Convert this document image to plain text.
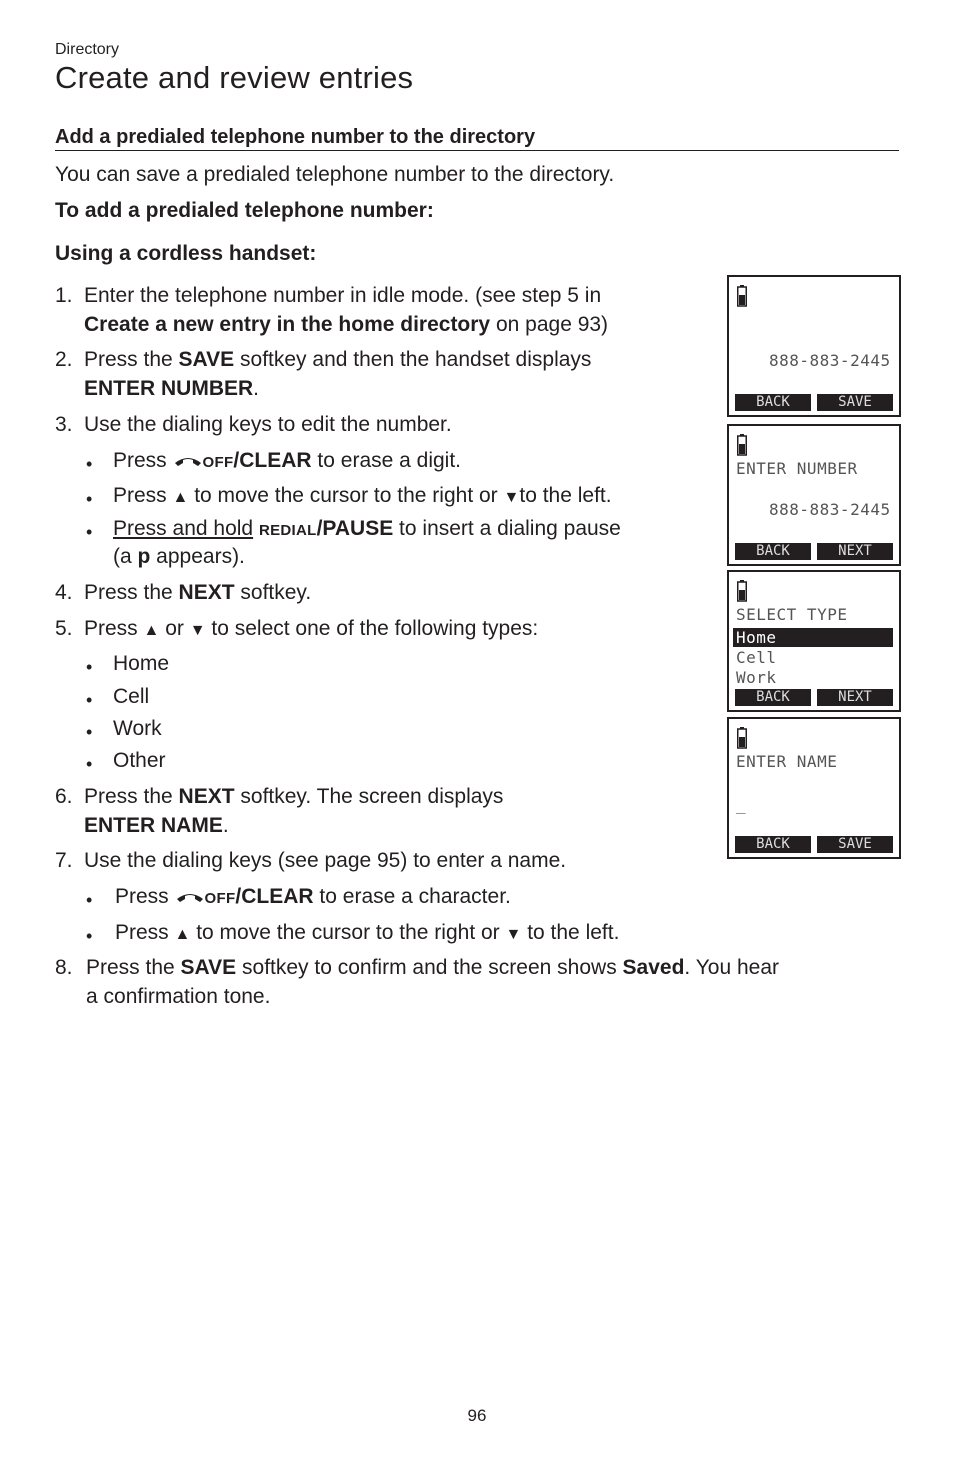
Directory
Create and review entries
Add a predialed telephone number to the directory
You can save a predialed telephone number to the directory.
To add a predialed telephone number:
Using a cordless handset:
1. Enter the telephone number in idle mode. (see step 5 in
Create a new entry in the home directory on page 93)
2. Press the SAVE softkey and then the handset displays
ENTER NUMBER.
3. Use the dialing keys to edit the number.
• Press OFF/CLEAR to erase a digit.
• Press ▲ to move the cursor to the right or ▼to the left.
• Press and hold REDIAL/PAUSE to insert a dialing pause
(a p appears).
4. Press the NEXT softkey.
5. Press ▲ or ▼ to select one of the following types:
• Home
• Cell
• Work
• Other
6. Press the NEXT softkey. The screen displays
ENTER NAME.
7. Use the dialing keys (see page 95) to enter a name.
• Press OFF/CLEAR to erase a character.
• Press ▲ to move the cursor to the right or ▼ to the left.
8. Press the SAVE softkey to confirm and the screen shows Saved. You hear
a confirmation tone.
888-883-2445
BACK	SAVE
ENTER NUMBER
888-883-2445
BACK	NEXT
SELECT TYPE
Home
Cell
Work
BACK	NEXT
ENTER NAME
_
BACK	SAVE
96
